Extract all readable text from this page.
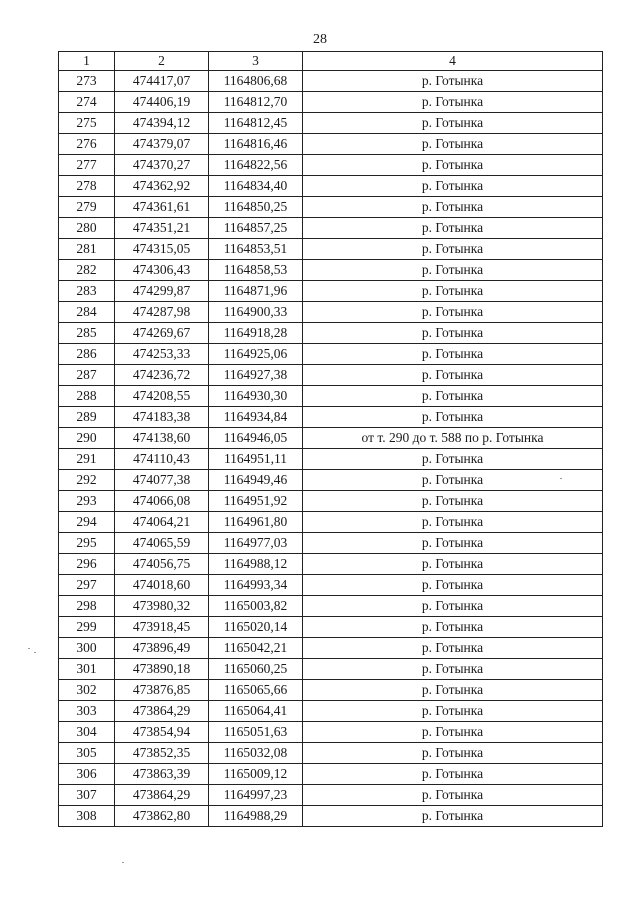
28
1	2	3	4
273	474417,07	1164806,68	р. Готынка
274	474406,19	1164812,70	р. Готынка
275	474394,12	1164812,45	р. Готынка
276	474379,07	1164816,46	р. Готынка
277	474370,27	1164822,56	р. Готынка
278	474362,92	1164834,40	р. Готынка
279	474361,61	1164850,25	р. Готынка
280	474351,21	1164857,25	р. Готынка
281	474315,05	1164853,51	р. Готынка
282	474306,43	1164858,53	р. Готынка
283	474299,87	1164871,96	р. Готынка
284	474287,98	1164900,33	р. Готынка
285	474269,67	1164918,28	р. Готынка
286	474253,33	1164925,06	р. Готынка
287	474236,72	1164927,38	р. Готынка
288	474208,55	1164930,30	р. Готынка
289	474183,38	1164934,84	р. Готынка
290	474138,60	1164946,05	от т. 290 до т. 588 по р. Готынка
291	474110,43	1164951,11	р. Готынка
292	474077,38	1164949,46	р. Готынка
293	474066,08	1164951,92	р. Готынка
294	474064,21	1164961,80	р. Готынка
295	474065,59	1164977,03	р. Готынка
296	474056,75	1164988,12	р. Готынка
297	474018,60	1164993,34	р. Готынка
298	473980,32	1165003,82	р. Готынка
299	473918,45	1165020,14	р. Готынка
300	473896,49	1165042,21	р. Готынка
301	473890,18	1165060,25	р. Готынка
302	473876,85	1165065,66	р. Готынка
303	473864,29	1165064,41	р. Готынка
304	473854,94	1165051,63	р. Готынка
305	473852,35	1165032,08	р. Готынка
306	473863,39	1165009,12	р. Готынка
307	473864,29	1164997,23	р. Готынка
308	473862,80	1164988,29	р. Готынка
